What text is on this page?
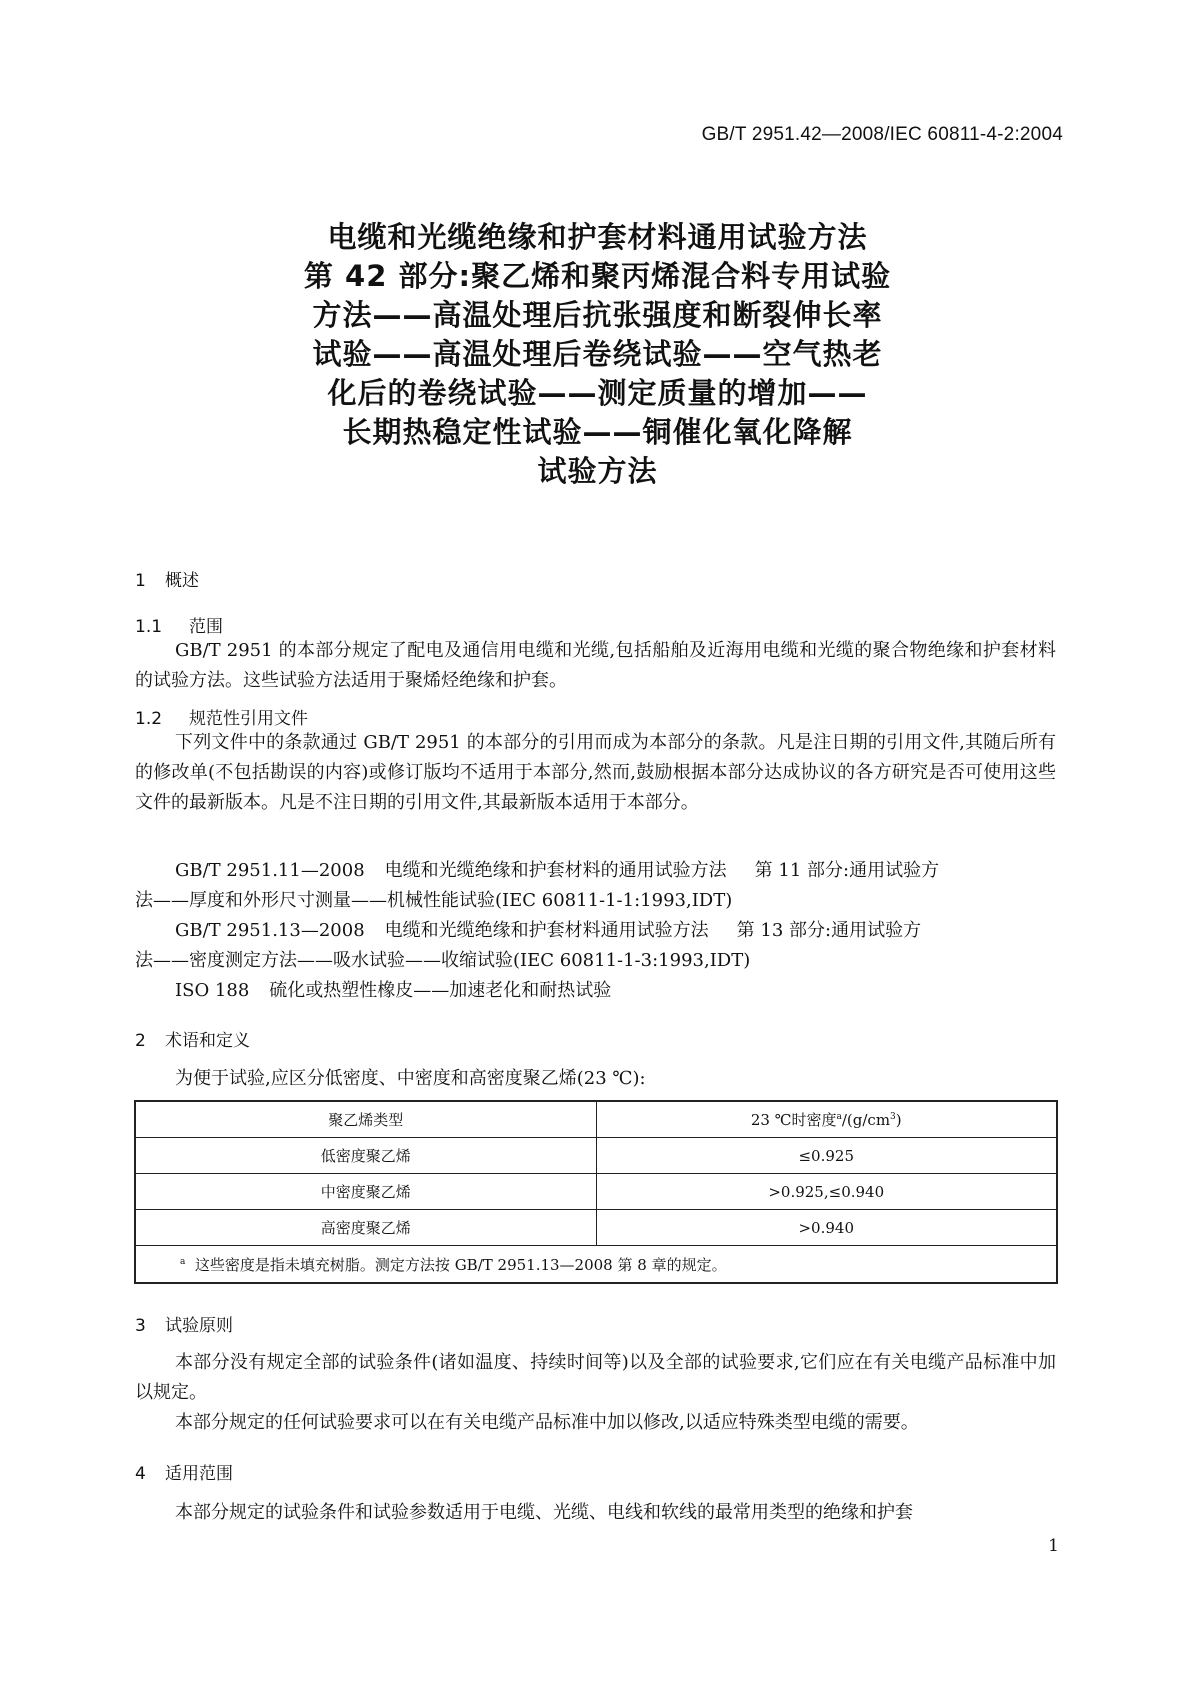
GB/T 2951.42—2008/IEC 60811-4-2:2004
电缆和光缆绝缘和护套材料通用试验方法
第 42 部分:聚乙烯和聚丙烯混合料专用试验
方法——高温处理后抗张强度和断裂伸长率
试验——高温处理后卷绕试验——空气热老
化后的卷绕试验——测定质量的增加——
长期热稳定性试验——铜催化氧化降解
试验方法
1 概述
1.1 范围
GB/T 2951 的本部分规定了配电及通信用电缆和光缆,包括船舶及近海用电缆和光缆的聚合物绝缘和护套材料的试验方法。这些试验方法适用于聚烯烃绝缘和护套。
1.2 规范性引用文件
下列文件中的条款通过 GB/T 2951 的本部分的引用而成为本部分的条款。凡是注日期的引用文件,其随后所有的修改单(不包括勘误的内容)或修订版均不适用于本部分,然而,鼓励根据本部分达成协议的各方研究是否可使用这些文件的最新版本。凡是不注日期的引用文件,其最新版本适用于本部分。
GB/T 2951.11—2008 电缆和光缆绝缘和护套材料的通用试验方法 第 11 部分:通用试验方
法——厚度和外形尺寸测量——机械性能试验(IEC 60811-1-1:1993,IDT)
GB/T 2951.13—2008 电缆和光缆绝缘和护套材料通用试验方法 第 13 部分:通用试验方
法——密度测定方法——吸水试验——收缩试验(IEC 60811-1-3:1993,IDT)
ISO 188 硫化或热塑性橡皮——加速老化和耐热试验
2 术语和定义
为便于试验,应区分低密度、中密度和高密度聚乙烯(23 ℃):
聚乙烯类型	23 ℃时密度$^a/(g/cm^3)$
低密度聚乙烯	≤0.925
中密度聚乙烯	>0.925,≤0.940
高密度聚乙烯	>0.940
$^a$ 这些密度是指未填充树脂。测定方法按 GB/T 2951.13—2008 第 8 章的规定。	
3 试验原则
本部分没有规定全部的试验条件(诸如温度、持续时间等)以及全部的试验要求,它们应在有关电缆产品标准中加以规定。
本部分规定的任何试验要求可以在有关电缆产品标准中加以修改,以适应特殊类型电缆的需要。
4 适用范围
本部分规定的试验条件和试验参数适用于电缆、光缆、电线和软线的最常用类型的绝缘和护套
1
